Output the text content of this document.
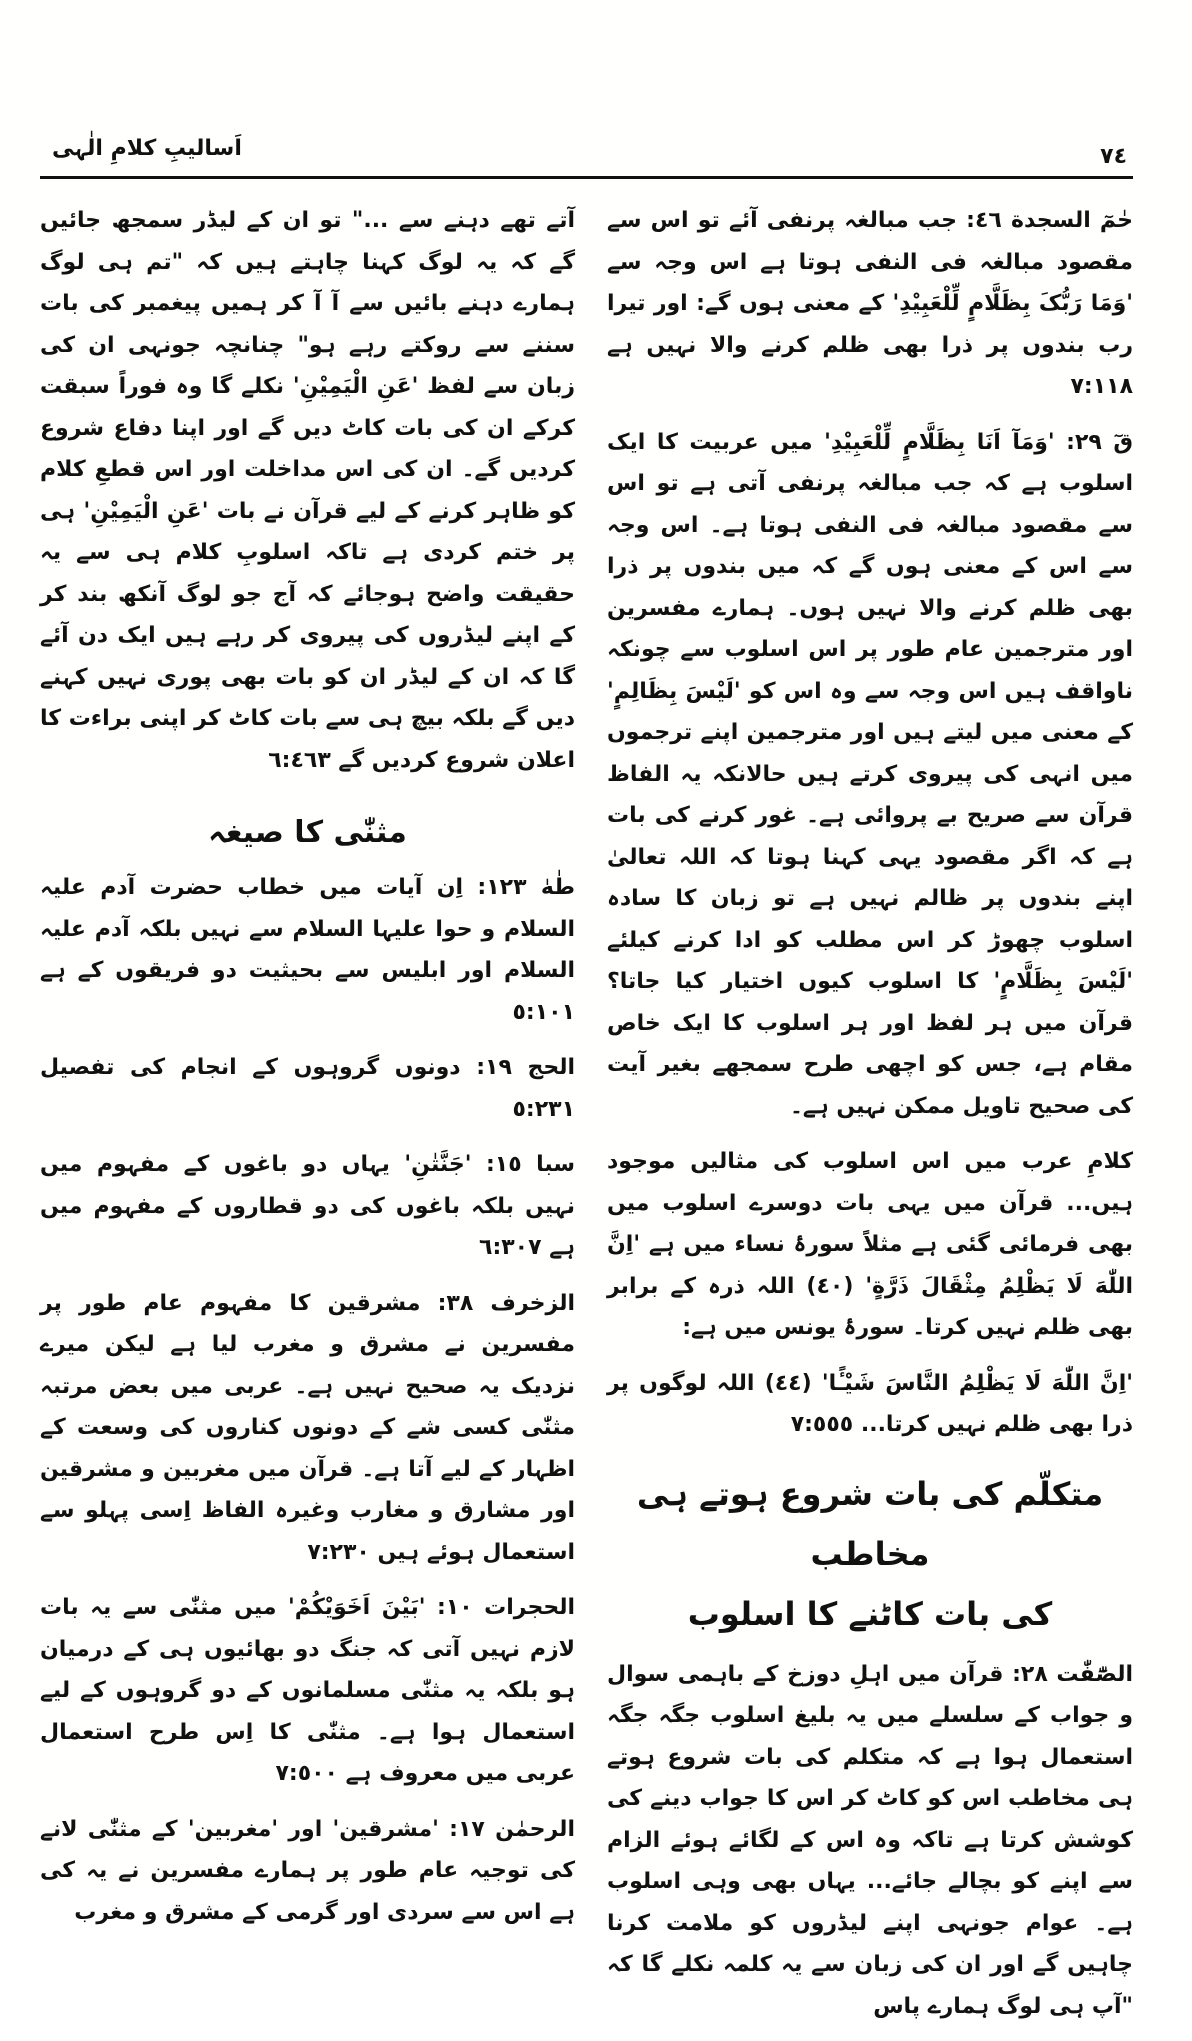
اَسالیبِ کلامِ الٰہی	٧٤

حٰمٓ السجدة ٤٦: جب مبالغہ پرنفی آئے تو اس سے مقصود مبالغہ فی النفی ہوتا ہے اس وجہ سے 'وَمَا رَبُّکَ بِظَلَّامٍ لِّلْعَبِیْدِ' کے معنی ہوں گے: اور تیرا رب بندوں پر ذرا بھی ظلم کرنے والا نہیں ہے ٧:١١٨

قٓ ٢٩: 'وَمَآ اَنَا بِظَلَّامٍ لِّلْعَبِیْدِ' میں عربیت کا ایک اسلوب ہے کہ جب مبالغہ پرنفی آتی ہے تو اس سے مقصود مبالغہ فی النفی ہوتا ہے۔ اس وجہ سے اس کے معنی ہوں گے کہ میں بندوں پر ذرا بھی ظلم کرنے والا نہیں ہوں۔ ہمارے مفسرین اور مترجمین عام طور پر اس اسلوب سے چونکہ ناواقف ہیں اس وجہ سے وہ اس کو 'لَیْسَ بِظَالِمٍ' کے معنی میں لیتے ہیں اور مترجمین اپنے ترجموں میں انہی کی پیروی کرتے ہیں حالانکہ یہ الفاظ قرآن سے صریح بے پروائی ہے۔ غور کرنے کی بات ہے کہ اگر مقصود یہی کہنا ہوتا کہ اللہ تعالیٰ اپنے بندوں پر ظالم نہیں ہے تو زبان کا سادہ اسلوب چھوڑ کر اس مطلب کو ادا کرنے کیلئے 'لَیْسَ بِظَلَّامٍ' کا اسلوب کیوں اختیار کیا جاتا؟ قرآن میں ہر لفظ اور ہر اسلوب کا ایک خاص مقام ہے، جس کو اچھی طرح سمجھے بغیر آیت کی صحیح تاویل ممکن نہیں ہے۔

کلامِ عرب میں اس اسلوب کی مثالیں موجود ہیں... قرآن میں یہی بات دوسرے اسلوب میں بھی فرمائی گئی ہے مثلاً سورۂ نساء میں ہے 'اِنَّ اللّٰهَ لَا یَظْلِمُ مِثْقَالَ ذَرَّةٍ' (٤٠) اللہ ذرہ کے برابر بھی ظلم نہیں کرتا۔ سورۂ یونس میں ہے:

'اِنَّ اللّٰهَ لَا یَظْلِمُ النَّاسَ شَیْـًٔا' (٤٤) اللہ لوگوں پر ذرا بھی ظلم نہیں کرتا... ٧:٥٥٥

متکلّم کی بات شروع ہوتے ہی مخاطب
کی بات کاٹنے کا اسلوب

الصّٰٓفّٰت ٢٨: قرآن میں اہلِ دوزخ کے باہمی سوال و جواب کے سلسلے میں یہ بلیغ اسلوب جگہ جگہ استعمال ہوا ہے کہ متکلم کی بات شروع ہوتے ہی مخاطب اس کو کاٹ کر اس کا جواب دینے کی کوشش کرتا ہے تاکہ وہ اس کے لگائے ہوئے الزام سے اپنے کو بچالے جائے... یہاں بھی وہی اسلوب ہے۔ عوام جونہی اپنے لیڈروں کو ملامت کرنا چاہیں گے اور ان کی زبان سے یہ کلمہ نکلے گا کہ "آپ ہی لوگ ہمارے پاس

آتے تھے دہنے سے ..." تو ان کے لیڈر سمجھ جائیں گے کہ یہ لوگ کہنا چاہتے ہیں کہ "تم ہی لوگ ہمارے دہنے بائیں سے آ آ کر ہمیں پیغمبر کی بات سننے سے روکتے رہے ہو" چنانچہ جونہی ان کی زبان سے لفظ 'عَنِ الْیَمِیْنِ' نکلے گا وہ فوراً سبقت کرکے ان کی بات کاٹ دیں گے اور اپنا دفاع شروع کردیں گے۔ ان کی اس مداخلت اور اس قطعِ کلام کو ظاہر کرنے کے لیے قرآن نے بات 'عَنِ الْیَمِیْنِ' ہی پر ختم کردی ہے تاکہ اسلوبِ کلام ہی سے یہ حقیقت واضح ہوجائے کہ آج جو لوگ آنکھ بند کر کے اپنے لیڈروں کی پیروی کر رہے ہیں ایک دن آئے گا کہ ان کے لیڈر ان کو بات بھی پوری نہیں کہنے دیں گے بلکہ بیچ ہی سے بات کاٹ کر اپنی براءت کا اعلان شروع کردیں گے ٦:٤٦٣

مثنّٰی کا صیغہ

طٰهٰ ١٢٣: اِن آیات میں خطاب حضرت آدم علیہ السلام و حوا علیہا السلام سے نہیں بلکہ آدم علیہ السلام اور ابلیس سے بحیثیت دو فریقوں کے ہے ٥:١٠١

الحج ١٩: دونوں گروہوں کے انجام کی تفصیل ٥:٢٣١

سبا ١٥: 'جَنَّتٰنِ' یہاں دو باغوں کے مفہوم میں نہیں بلکہ باغوں کی دو قطاروں کے مفہوم میں ہے ٦:٣٠٧

الزخرف ٣٨: مشرقین کا مفہوم عام طور پر مفسرین نے مشرق و مغرب لیا ہے لیکن میرے نزدیک یہ صحیح نہیں ہے۔ عربی میں بعض مرتبہ مثنّٰی کسی شے کے دونوں کناروں کی وسعت کے اظہار کے لیے آتا ہے۔ قرآن میں مغربین و مشرقین اور مشارق و مغارب وغیرہ الفاظ اِسی پہلو سے استعمال ہوئے ہیں ٧:٢٣٠

الحجرات ١٠: 'بَیْنَ اَخَوَیْکُمْ' میں مثنّٰی سے یہ بات لازم نہیں آتی کہ جنگ دو بھائیوں ہی کے درمیان ہو بلکہ یہ مثنّٰی مسلمانوں کے دو گروہوں کے لیے استعمال ہوا ہے۔ مثنّٰی کا اِس طرح استعمال عربی میں معروف ہے ٧:٥٠٠

الرحمٰن ١٧: 'مشرقین' اور 'مغربین' کے مثنّٰی لانے کی توجیہ عام طور پر ہمارے مفسرین نے یہ کی ہے اس سے سردی اور گرمی کے مشرق و مغرب
